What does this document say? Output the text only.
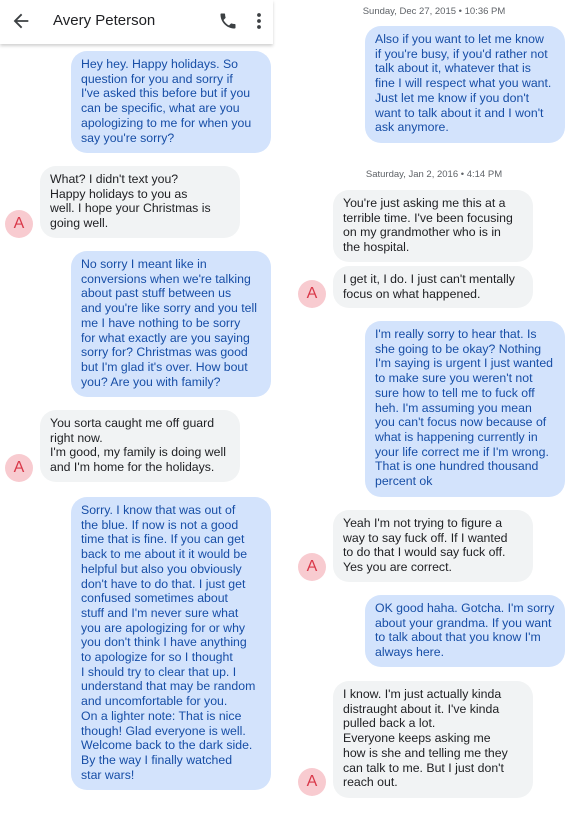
Avery Peterson
Hey hey. Happy holidays. So
question for you and sorry if
I've asked this before but if you
can be specific, what are you
apologizing to me for when you
say you're sorry?
A
What? I didn't text you?
Happy holidays to you as
well. I hope your Christmas is
going well.
No sorry I meant like in
conversions when we're talking
about past stuff between us
and you're like sorry and you tell
me I have nothing to be sorry
for what exactly are you saying
sorry for? Christmas was good
but I'm glad it's over. How bout
you? Are you with family?
A
You sorta caught me off guard
right now.
I'm good, my family is doing well
and I'm home for the holidays.
Sorry. I know that was out of
the blue. If now is not a good
time that is fine. If you can get
back to me about it it would be
helpful but also you obviously
don't have to do that. I just get
confused sometimes about
stuff and I'm never sure what
you are apologizing for or why
you don't think I have anything
to apologize for so I thought
I should try to clear that up. I
understand that may be random
and uncomfortable for you.
On a lighter note: That is nice
though! Glad everyone is well.
Welcome back to the dark side.
By the way I finally watched
star wars!
Sunday, Dec 27, 2015 • 10:36 PM
Also if you want to let me know
if you're busy, if you'd rather not
talk about it, whatever that is
fine I will respect what you want.
Just let me know if you don't
want to talk about it and I won't
ask anymore.
Saturday, Jan 2, 2016 • 4:14 PM
You're just asking me this at a
terrible time. I've been focusing
on my grandmother who is in
the hospital.
A
I get it, I do. I just can't mentally
focus on what happened.
I'm really sorry to hear that. Is
she going to be okay? Nothing
I'm saying is urgent I just wanted
to make sure you weren't not
sure how to tell me to fuck off
heh. I'm assuming you mean
you can't focus now because of
what is happening currently in
your life correct me if I'm wrong.
That is one hundred thousand
percent ok
A
Yeah I'm not trying to figure a
way to say fuck off. If I wanted
to do that I would say fuck off.
Yes you are correct.
OK good haha. Gotcha. I'm sorry
about your grandma. If you want
to talk about that you know I'm
always here.
A
I know. I'm just actually kinda
distraught about it. I've kinda
pulled back a lot.
Everyone keeps asking me
how is she and telling me they
can talk to me. But I just don't
reach out.
